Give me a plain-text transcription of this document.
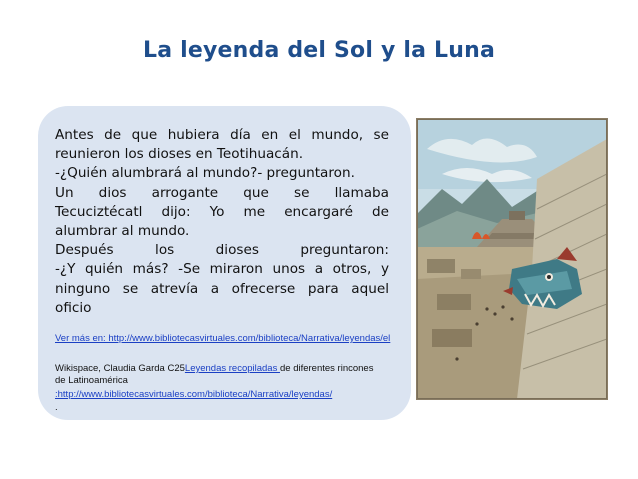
La leyenda del Sol y la Luna

Antes de que hubiera día en el mundo, se

reunieron los dioses en Teotihuacán.

-¿Quién alumbrará al mundo?- preguntaron.

Un dios arrogante que se llamaba

Tecuciztécatl dijo: Yo me encargaré de

alumbrar al mundo.

Después los dioses preguntaron:

-¿Y quién más? -Se miraron unos a otros, y

ninguno se atrevía a ofrecerse para aquel

oficio

Ver más en: http://www.bibliotecasvirtuales.com/biblioteca/Narrativa/leyendas/el
Wikispace, Claudia Garda C25Leyendas recopiladas de diferentes rincones
de Latinoamérica
:http://www.bibliotecasvirtuales.com/biblioteca/Narrativa/leyendas/
.
